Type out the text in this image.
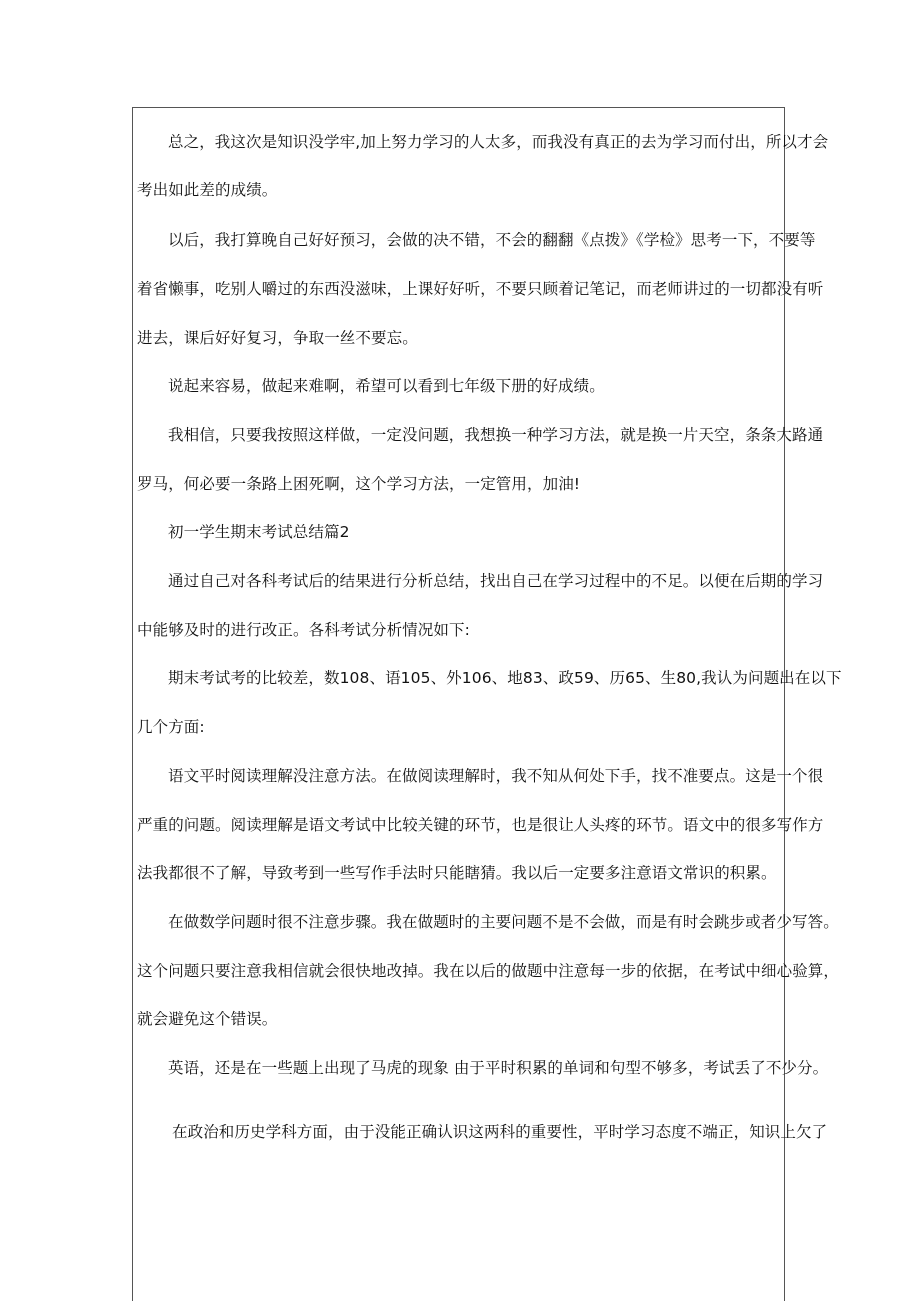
总之，我这次是知识没学牢,加上努力学习的人太多，而我没有真正的去为学习而付出，所以才会
考出如此差的成绩。
以后，我打算晚自己好好预习，会做的决不错，不会的翻翻《点拨》《学检》思考一下，不要等
着省懒事，吃别人嚼过的东西没滋味，上课好好听，不要只顾着记笔记，而老师讲过的一切都没有听
进去，课后好好复习，争取一丝不要忘。
说起来容易，做起来难啊，希望可以看到七年级下册的好成绩。
我相信，只要我按照这样做，一定没问题，我想换一种学习方法，就是换一片天空，条条大路通
罗马，何必要一条路上困死啊，这个学习方法，一定管用，加油!
初一学生期末考试总结篇2
通过自己对各科考试后的结果进行分析总结，找出自己在学习过程中的不足。以便在后期的学习
中能够及时的进行改正。各科考试分析情况如下:
期末考试考的比较差，数108、语105、外106、地83、政59、历65、生80,我认为问题出在以下
几个方面:
语文平时阅读理解没注意方法。在做阅读理解时，我不知从何处下手，找不准要点。这是一个很
严重的问题。阅读理解是语文考试中比较关键的环节，也是很让人头疼的环节。语文中的很多写作方
法我都很不了解，导致考到一些写作手法时只能瞎猜。我以后一定要多注意语文常识的积累。
在做数学问题时很不注意步骤。我在做题时的主要问题不是不会做，而是有时会跳步或者少写答。
这个问题只要注意我相信就会很快地改掉。我在以后的做题中注意每一步的依据，在考试中细心验算，
就会避免这个错误。
英语，还是在一些题上出现了马虎的现象 由于平时积累的单词和句型不够多，考试丢了不少分。
在政治和历史学科方面，由于没能正确认识这两科的重要性，平时学习态度不端正，知识上欠了
